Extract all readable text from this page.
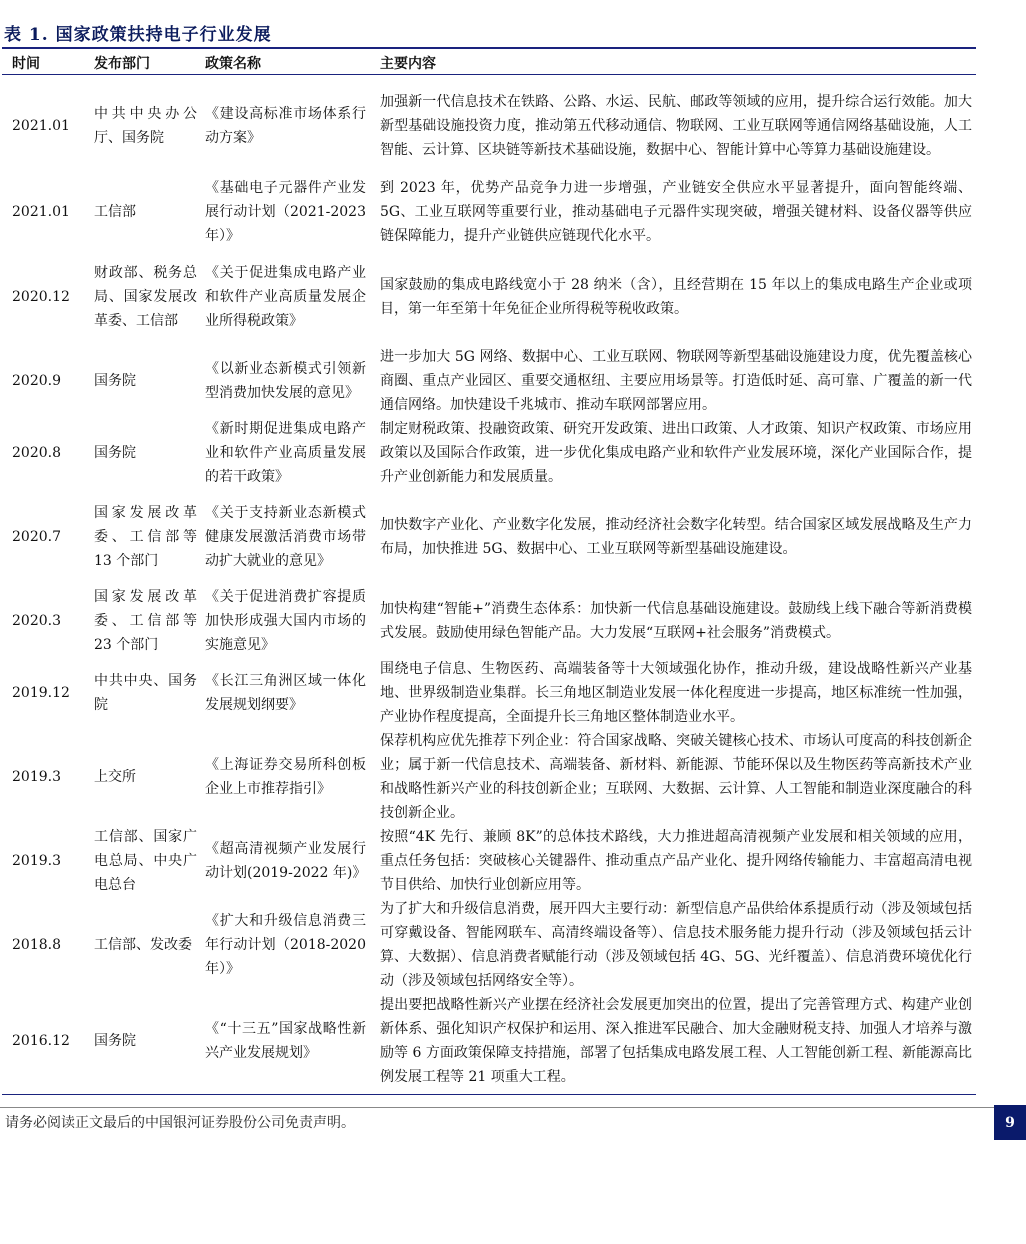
表 1. 国家政策扶持电子行业发展
时间	发布部门	政策名称	主要内容
2021.01	中共中央办公厅、国务院	《建设高标准市场体系行动方案》	加强新一代信息技术在铁路、公路、水运、民航、邮政等领域的应用，提升综合运行效能。加大新型基础设施投资力度，推动第五代移动通信、物联网、工业互联网等通信网络基础设施，人工智能、云计算、区块链等新技术基础设施，数据中心、智能计算中心等算力基础设施建设。
2021.01	工信部	《基础电子元器件产业发展行动计划（2021-2023 年）》	到 2023 年，优势产品竞争力进一步增强，产业链安全供应水平显著提升，面向智能终端、5G、工业互联网等重要行业，推动基础电子元器件实现突破，增强关键材料、设备仪器等供应链保障能力，提升产业链供应链现代化水平。
2020.12	财政部、税务总局、国家发展改革委、工信部	《关于促进集成电路产业和软件产业高质量发展企业所得税政策》	国家鼓励的集成电路线宽小于 28 纳米（含），且经营期在 15 年以上的集成电路生产企业或项目，第一年至第十年免征企业所得税等税收政策。
2020.9	国务院	《以新业态新模式引领新型消费加快发展的意见》	进一步加大 5G 网络、数据中心、工业互联网、物联网等新型基础设施建设力度，优先覆盖核心商圈、重点产业园区、重要交通枢纽、主要应用场景等。打造低时延、高可靠、广覆盖的新一代通信网络。加快建设千兆城市、推动车联网部署应用。
2020.8	国务院	《新时期促进集成电路产业和软件产业高质量发展的若干政策》	制定财税政策、投融资政策、研究开发政策、进出口政策、人才政策、知识产权政策、市场应用政策以及国际合作政策，进一步优化集成电路产业和软件产业发展环境，深化产业国际合作，提升产业创新能力和发展质量。
2020.7	国家发展改革委、工信部等 13 个部门	《关于支持新业态新模式健康发展激活消费市场带动扩大就业的意见》	加快数字产业化、产业数字化发展，推动经济社会数字化转型。结合国家区域发展战略及生产力布局，加快推进 5G、数据中心、工业互联网等新型基础设施建设。
2020.3	国家发展改革委、工信部等 23 个部门	《关于促进消费扩容提质加快形成强大国内市场的实施意见》	加快构建“智能+”消费生态体系：加快新一代信息基础设施建设。鼓励线上线下融合等新消费模式发展。鼓励使用绿色智能产品。大力发展“互联网+社会服务”消费模式。
2019.12	中共中央、国务院	《长江三角洲区域一体化发展规划纲要》	围绕电子信息、生物医药、高端装备等十大领域强化协作，推动升级，建设战略性新兴产业基地、世界级制造业集群。长三角地区制造业发展一体化程度进一步提高，地区标准统一性加强，产业协作程度提高，全面提升长三角地区整体制造业水平。
2019.3	上交所	《上海证券交易所科创板企业上市推荐指引》	保荐机构应优先推荐下列企业：符合国家战略、突破关键核心技术、市场认可度高的科技创新企业；属于新一代信息技术、高端装备、新材料、新能源、节能环保以及生物医药等高新技术产业和战略性新兴产业的科技创新企业；互联网、大数据、云计算、人工智能和制造业深度融合的科技创新企业。
2019.3	工信部、国家广电总局、中央广电总台	《超高清视频产业发展行动计划(2019-2022 年)》	按照“4K 先行、兼顾 8K”的总体技术路线，大力推进超高清视频产业发展和相关领域的应用，重点任务包括：突破核心关键器件、推动重点产品产业化、提升网络传输能力、丰富超高清电视节目供给、加快行业创新应用等。
2018.8	工信部、发改委	《扩大和升级信息消费三年行动计划（2018-2020 年）》	为了扩大和升级信息消费，展开四大主要行动：新型信息产品供给体系提质行动（涉及领域包括可穿戴设备、智能网联车、高清终端设备等）、信息技术服务能力提升行动（涉及领域包括云计算、大数据）、信息消费者赋能行动（涉及领域包括 4G、5G、光纤覆盖）、信息消费环境优化行动（涉及领域包括网络安全等）。
2016.12	国务院	《“十三五”国家战略性新兴产业发展规划》	提出要把战略性新兴产业摆在经济社会发展更加突出的位置，提出了完善管理方式、构建产业创新体系、强化知识产权保护和运用、深入推进军民融合、加大金融财税支持、加强人才培养与激励等 6 方面政策保障支持措施，部署了包括集成电路发展工程、人工智能创新工程、新能源高比例发展工程等 21 项重大工程。
请务必阅读正文最后的中国银河证券股份公司免责声明。	9
